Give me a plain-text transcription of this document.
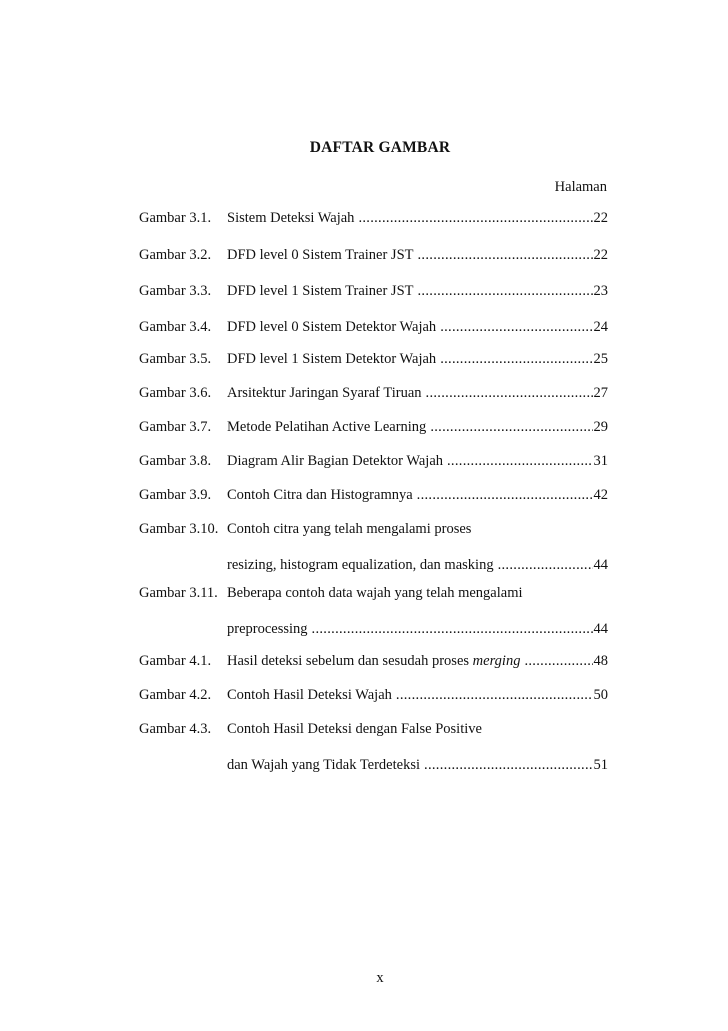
DAFTAR GAMBAR
Halaman
Gambar 3.1. Sistem Deteksi Wajah .....	22
Gambar 3.2. DFD level 0 Sistem Trainer JST .....	22
Gambar 3.3. DFD level 1 Sistem Trainer JST .....	23
Gambar 3.4. DFD level 0 Sistem Detektor Wajah .....	24
Gambar 3.5. DFD level 1 Sistem Detektor Wajah .....	25
Gambar 3.6. Arsitektur Jaringan Syaraf Tiruan .....	27
Gambar 3.7. Metode Pelatihan Active Learning .....	29
Gambar 3.8. Diagram Alir Bagian Detektor Wajah .....	31
Gambar 3.9. Contoh Citra dan Histogramnya .....	42
Gambar 3.10. Contoh citra yang telah mengalami proses
resizing, histogram equalization, dan masking .....	44
Gambar 3.11. Beberapa contoh data wajah yang telah mengalami
preprocessing .....	44
Gambar 4.1. Hasil deteksi sebelum dan sesudah proses merging .....	48
Gambar 4.2. Contoh Hasil Deteksi Wajah .....	50
Gambar 4.3. Contoh Hasil Deteksi dengan False Positive
dan Wajah yang Tidak Terdeteksi .....	51
x
